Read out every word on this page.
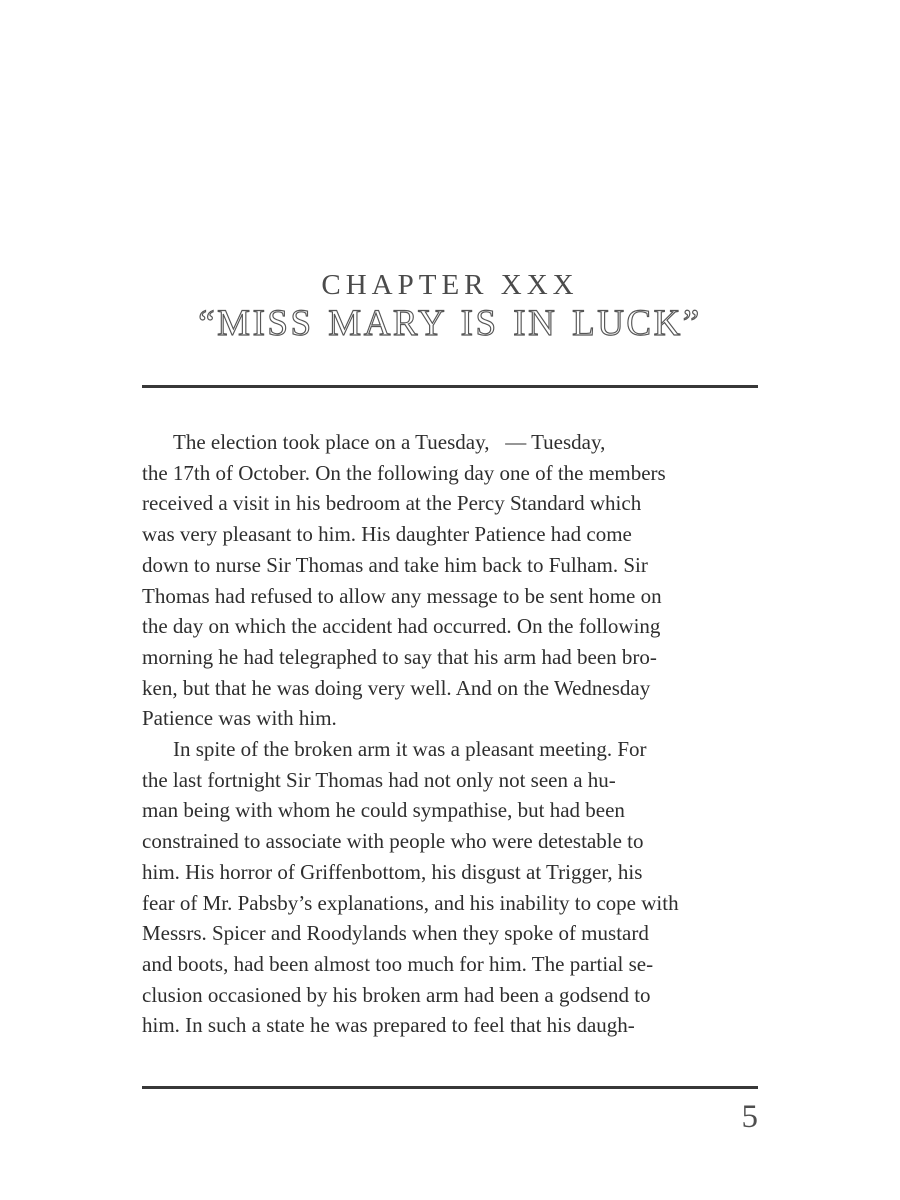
CHAPTER XXX
“MISS MARY IS IN LUCK”
The election took place on a Tuesday,  — Tuesday,
the 17th of October. On the following day one of the members
received a visit in his bedroom at the Percy Standard which
was very pleasant to him. His daughter Patience had come
down to nurse Sir Thomas and take him back to Fulham. Sir
Thomas had refused to allow any message to be sent home on
the day on which the accident had occurred. On the following
morning he had telegraphed to say that his arm had been bro-
ken, but that he was doing very well. And on the Wednesday
Patience was with him.
In spite of the broken arm it was a pleasant meeting. For
the last fortnight Sir Thomas had not only not seen a hu-
man being with whom he could sympathise, but had been
constrained to associate with people who were detestable to
him. His horror of Griffenbottom, his disgust at Trigger, his
fear of Mr. Pabsby’s explanations, and his inability to cope with
Messrs. Spicer and Roodylands when they spoke of mustard
and boots, had been almost too much for him. The partial se-
clusion occasioned by his broken arm had been a godsend to
him. In such a state he was prepared to feel that his daugh-
5
